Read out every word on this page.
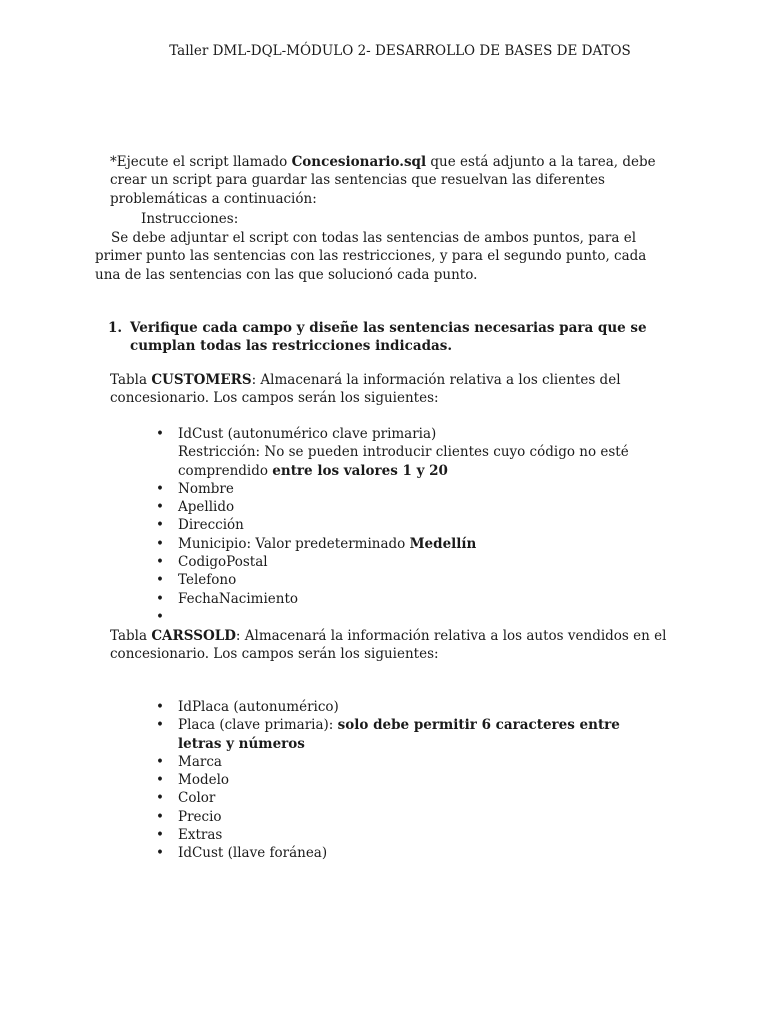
Taller DML-DQL-MÓDULO 2- DESARROLLO DE BASES DE DATOS
*Ejecute el script llamado Concesionario.sql que está adjunto a la tarea, debe crear un script para guardar las sentencias que resuelvan las diferentes problemáticas a continuación:
Instrucciones:
Se debe adjuntar el script con todas las sentencias de ambos puntos, para el primer punto las sentencias con las restricciones, y para el segundo punto, cada una de las sentencias con las que solucionó cada punto.
1. Verifique cada campo y diseñe las sentencias necesarias para que se cumplan todas las restricciones indicadas.
Tabla CUSTOMERS: Almacenará la información relativa a los clientes del concesionario. Los campos serán los siguientes:
• IdCust (autonumérico clave primaria)
Restricción: No se pueden introducir clientes cuyo código no esté comprendido entre los valores 1 y 20
• Nombre
• Apellido
• Dirección
• Municipio: Valor predeterminado Medellín
• CodigoPostal
• Telefono
• FechaNacimiento
•
Tabla CARSSOLD: Almacenará la información relativa a los autos vendidos en el concesionario. Los campos serán los siguientes:
• IdPlaca (autonumérico)
• Placa (clave primaria): solo debe permitir 6 caracteres entre letras y números
• Marca
• Modelo
• Color
• Precio
• Extras
• IdCust (llave foránea)
